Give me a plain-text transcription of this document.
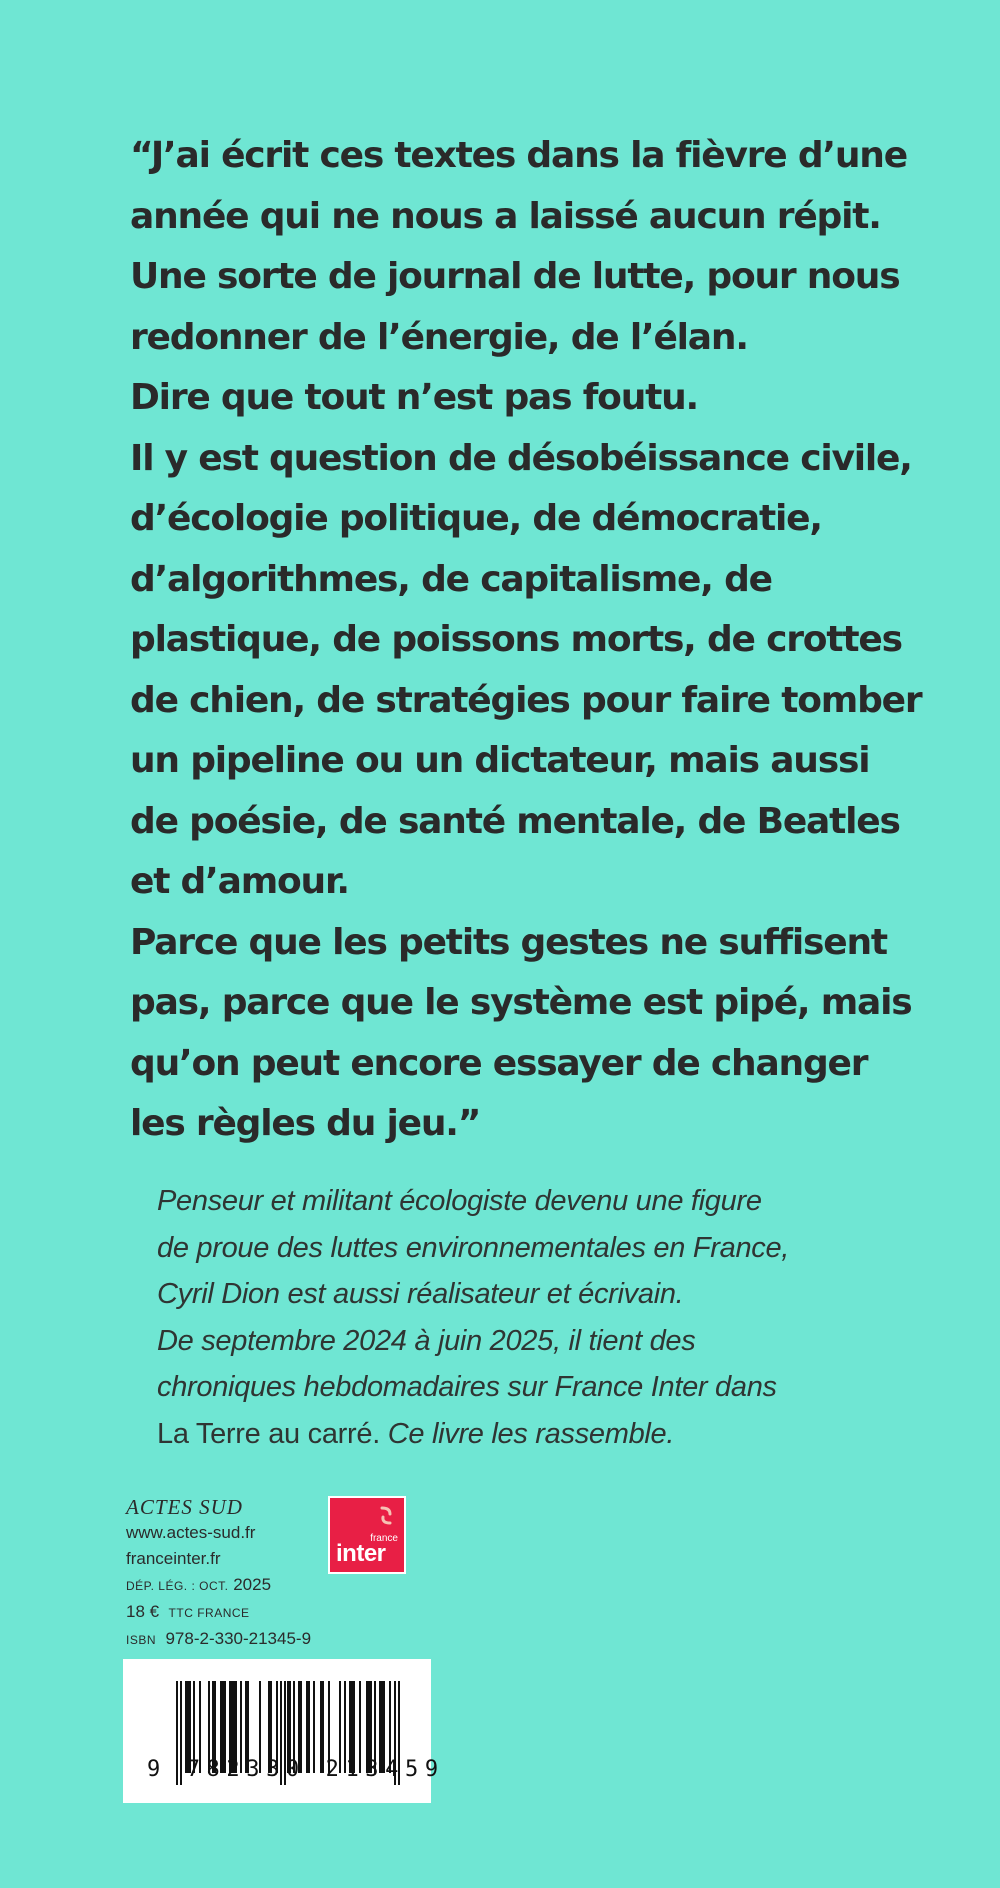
“J’ai écrit ces textes dans la fièvre d’une
année qui ne nous a laissé aucun répit.
Une sorte de journal de lutte, pour nous
redonner de l’énergie, de l’élan.
Dire que tout n’est pas foutu.
Il y est question de désobéissance civile,
d’écologie politique, de démocratie,
d’algorithmes, de capitalisme, de
plastique, de poissons morts, de crottes
de chien, de stratégies pour faire tomber
un pipeline ou un dictateur, mais aussi
de poésie, de santé mentale, de Beatles
et d’amour.
Parce que les petits gestes ne suffisent
pas, parce que le système est pipé, mais
qu’on peut encore essayer de changer
les règles du jeu.”
Penseur et militant écologiste devenu une figure
de proue des luttes environnementales en France,
Cyril Dion est aussi réalisateur et écrivain.
De septembre 2024 à juin 2025, il tient des
chroniques hebdomadaires sur France Inter dans
La Terre au carré. Ce livre les rassemble.
ACTES SUD
www.actes-sud.fr
franceinter.fr
DÉP. LÉG. : OCT. 2025
18 € TTC FRANCE
ISBN 978-2-330-21345-9
france
inter
9 782330 213459
